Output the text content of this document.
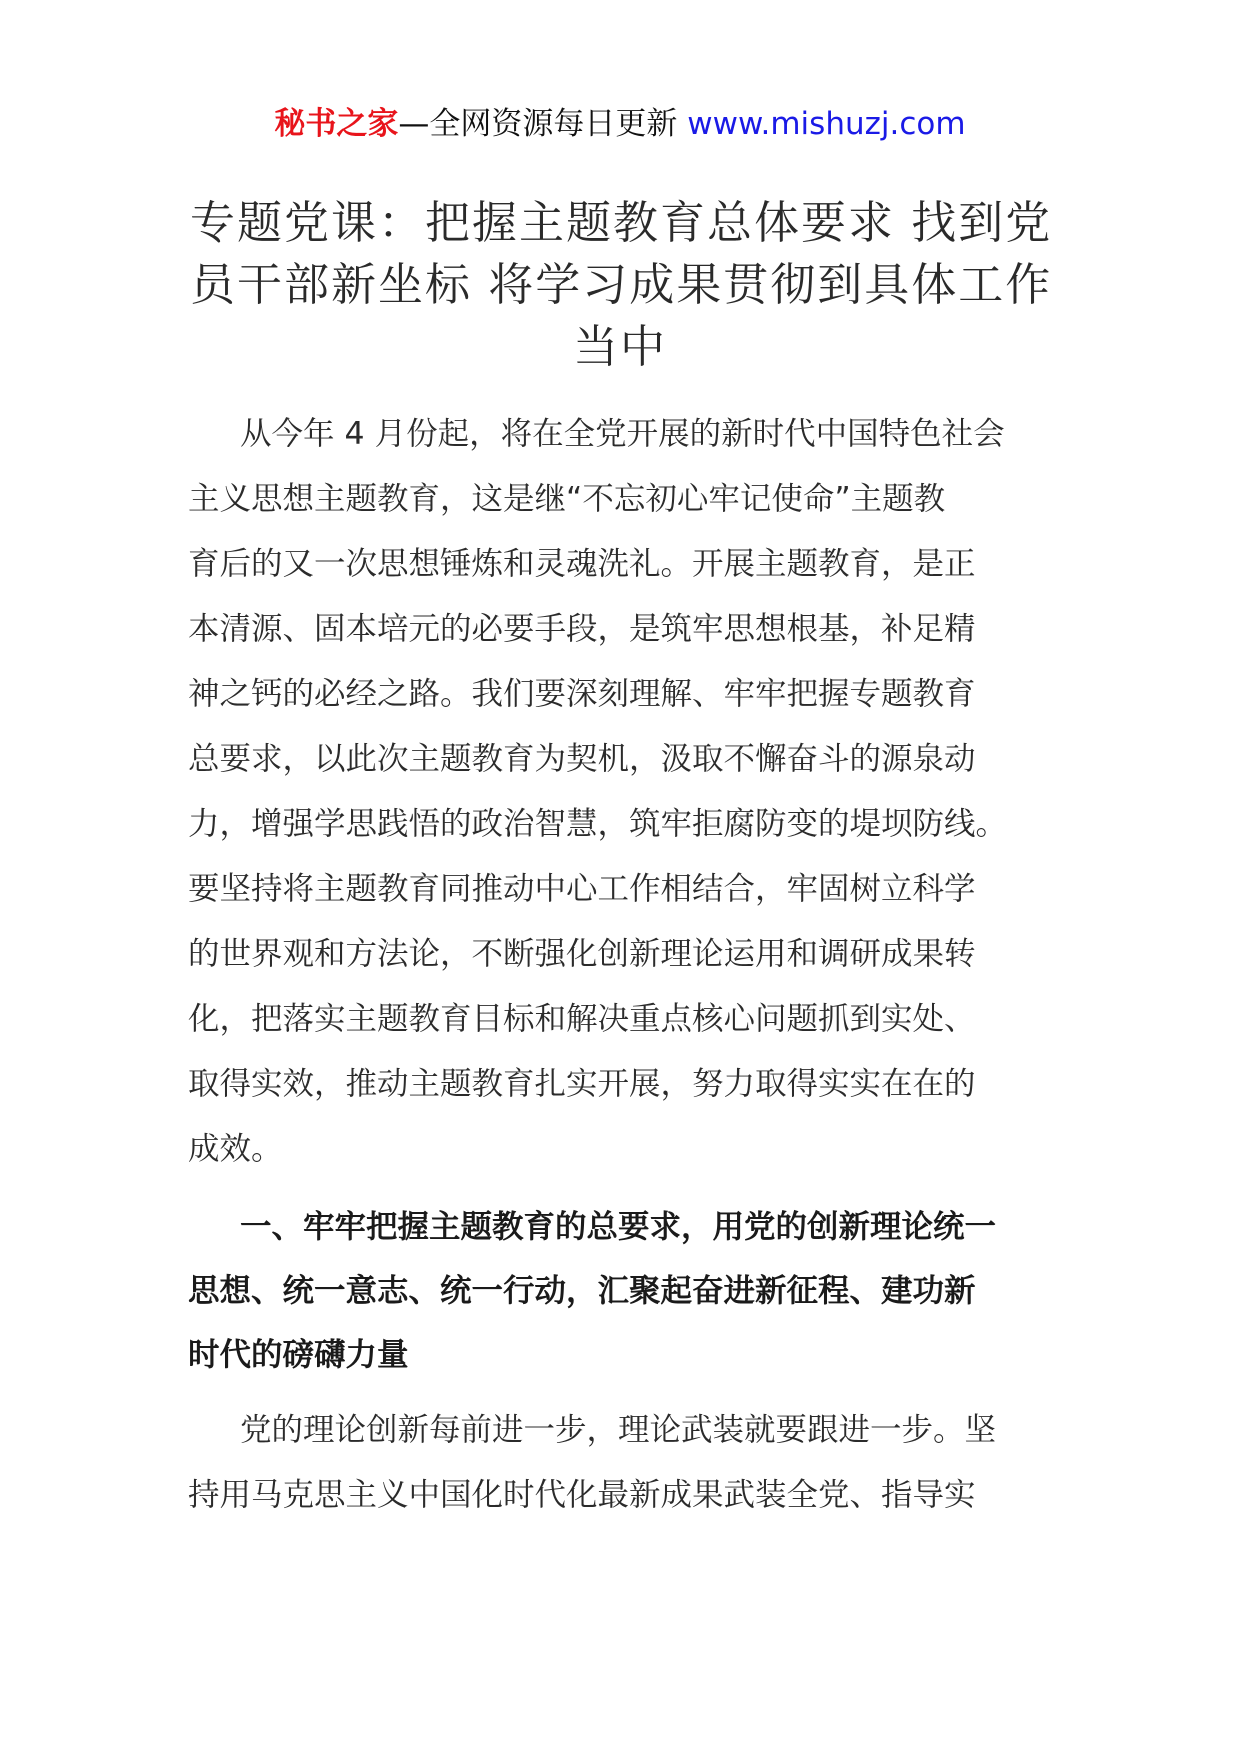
秘书之家—全网资源每日更新 www.mishuzj.com
专题党课：把握主题教育总体要求 找到党
员干部新坐标 将学习成果贯彻到具体工作
当中
从今年 4 月份起，将在全党开展的新时代中国特色社会
主义思想主题教育，这是继“不忘初心牢记使命”主题教
育后的又一次思想锤炼和灵魂洗礼。开展主题教育，是正
本清源、固本培元的必要手段，是筑牢思想根基，补足精
神之钙的必经之路。我们要深刻理解、牢牢把握专题教育
总要求，以此次主题教育为契机，汲取不懈奋斗的源泉动
力，增强学思践悟的政治智慧，筑牢拒腐防变的堤坝防线。
要坚持将主题教育同推动中心工作相结合，牢固树立科学
的世界观和方法论，不断强化创新理论运用和调研成果转
化，把落实主题教育目标和解决重点核心问题抓到实处、
取得实效，推动主题教育扎实开展，努力取得实实在在的
成效。
一、牢牢把握主题教育的总要求，用党的创新理论统一
思想、统一意志、统一行动，汇聚起奋进新征程、建功新
时代的磅礴力量
党的理论创新每前进一步，理论武装就要跟进一步。坚
持用马克思主义中国化时代化最新成果武装全党、指导实
